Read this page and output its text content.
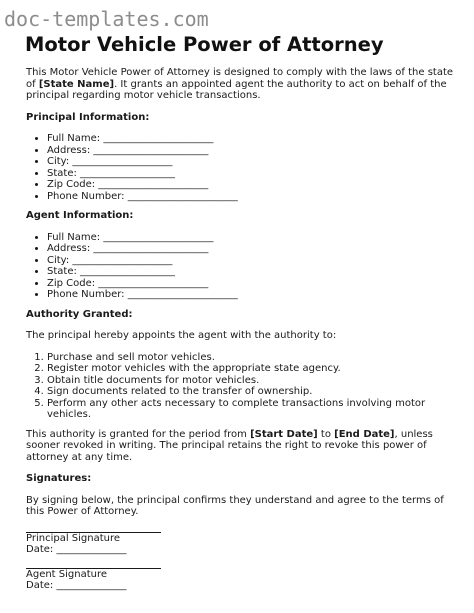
doc-templates.com
Motor Vehicle Power of Attorney

This Motor Vehicle Power of Attorney is designed to comply with the laws of the state of [State Name]. It grants an appointed agent the authority to act on behalf of the principal regarding motor vehicle transactions.

Principal Information:

• Full Name: ______________________
• Address: _______________________
• City: ____________________
• State: ___________________
• Zip Code: ______________________
• Phone Number: ______________________

Agent Information:

• Full Name: ______________________
• Address: _______________________
• City: ____________________
• State: ___________________
• Zip Code: ______________________
• Phone Number: ______________________

Authority Granted:

The principal hereby appoints the agent with the authority to:

1. Purchase and sell motor vehicles.
2. Register motor vehicles with the appropriate state agency.
3. Obtain title documents for motor vehicles.
4. Sign documents related to the transfer of ownership.
5. Perform any other acts necessary to complete transactions involving motor vehicles.

This authority is granted for the period from [Start Date] to [End Date], unless sooner revoked in writing. The principal retains the right to revoke this power of attorney at any time.

Signatures:

By signing below, the principal confirms they understand and agree to the terms of this Power of Attorney.

Principal Signature

Date: ______________

Agent Signature

Date: ______________
